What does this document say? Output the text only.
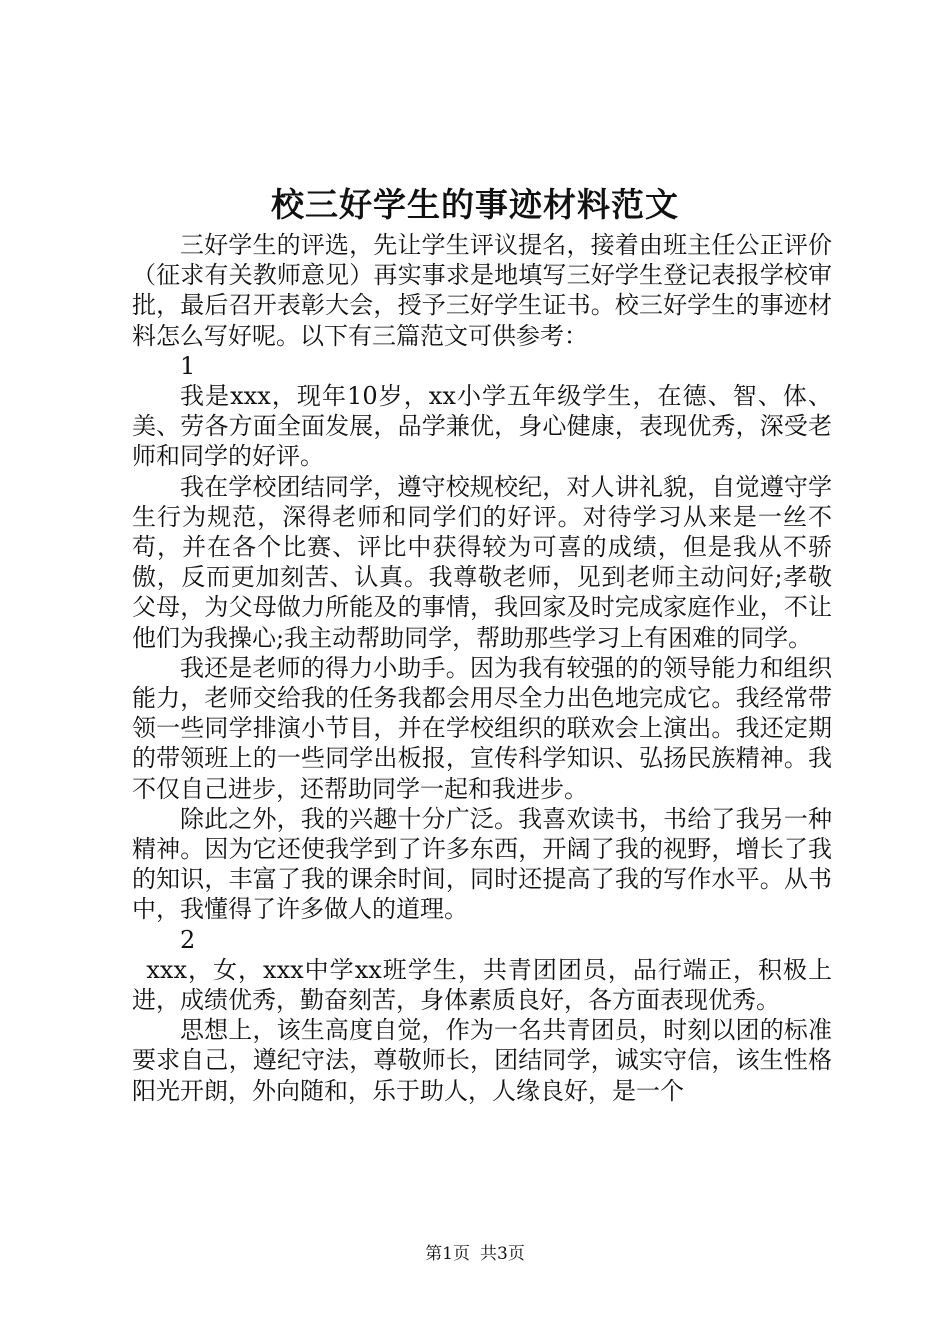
校三好学生的事迹材料范文

三好学生的评选，先让学生评议提名，接着由班主任公正评价（征求有关教师意见）再实事求是地填写三好学生登记表报学校审批，最后召开表彰大会，授予三好学生证书。校三好学生的事迹材料怎么写好呢。以下有三篇范文可供参考：

1

我是xxx，现年10岁，xx小学五年级学生，在德、智、体、美、劳各方面全面发展，品学兼优，身心健康，表现优秀，深受老师和同学的好评。

我在学校团结同学，遵守校规校纪，对人讲礼貌，自觉遵守学生行为规范，深得老师和同学们的好评。对待学习从来是一丝不苟，并在各个比赛、评比中获得较为可喜的成绩，但是我从不骄傲，反而更加刻苦、认真。我尊敬老师，见到老师主动问好;孝敬父母，为父母做力所能及的事情，我回家及时完成家庭作业，不让他们为我操心;我主动帮助同学，帮助那些学习上有困难的同学。

我还是老师的得力小助手。因为我有较强的的领导能力和组织能力，老师交给我的任务我都会用尽全力出色地完成它。我经常带领一些同学排演小节目，并在学校组织的联欢会上演出。我还定期的带领班上的一些同学出板报，宣传科学知识、弘扬民族精神。我不仅自己进步，还帮助同学一起和我进步。

除此之外，我的兴趣十分广泛。我喜欢读书，书给了我另一种精神。因为它还使我学到了许多东西，开阔了我的视野，增长了我的知识，丰富了我的课余时间，同时还提高了我的写作水平。从书中，我懂得了许多做人的道理。

2

xxx，女，xxx中学xx班学生，共青团团员，品行端正，积极上进，成绩优秀，勤奋刻苦，身体素质良好，各方面表现优秀。

思想上，该生高度自觉，作为一名共青团员，时刻以团的标准要求自己，遵纪守法，尊敬师长，团结同学，诚实守信，该生性格阳光开朗，外向随和，乐于助人，人缘良好，是一个

第1页 共3页
